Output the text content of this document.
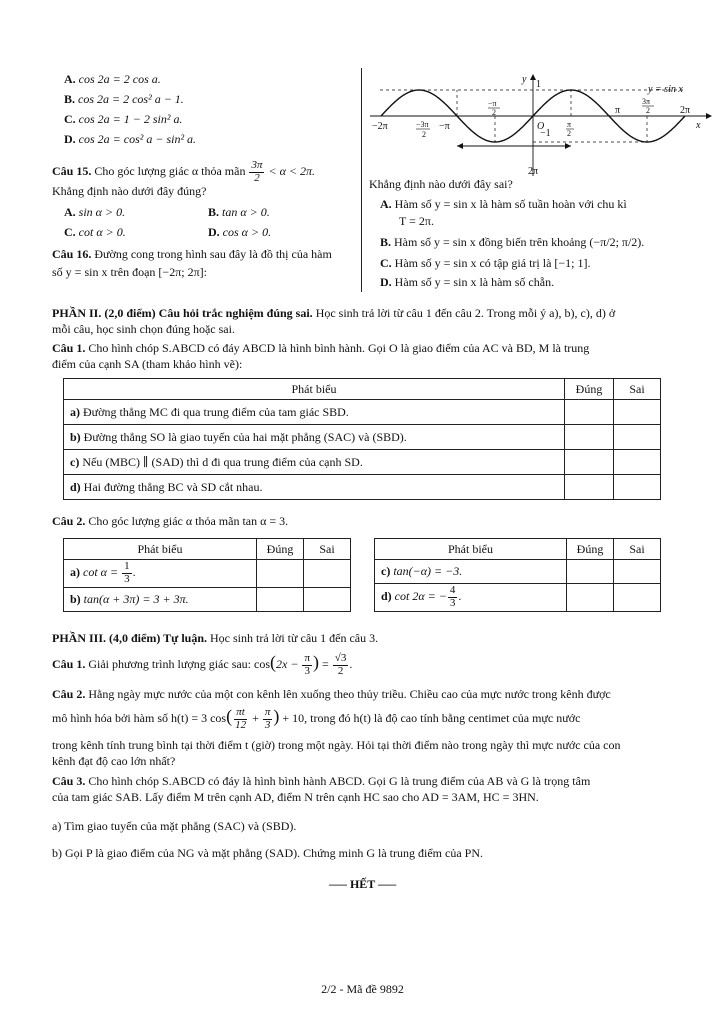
A. cos 2a = 2 cos a.
B. cos 2a = 2 cos² a − 1.
C. cos 2a = 1 − 2 sin² a.
D. cos 2a = cos² a − sin² a.
Câu 15. Cho góc lượng giác α thỏa mãn $\frac{3\pi}{2} < \alpha < 2\pi$.
Khẳng định nào dưới đây đúng?
A. sin α > 0.	B. tan α > 0.
C. cot α > 0.	D. cos α > 0.
Câu 16. Đường cong trong hình sau đây là đồ thị của hàm
số y = sin x trên đoạn [−2π; 2π]:
y 1	y = sin x
x
−2π	−3π
2
−π
−π
2
O
−1
π
2
π
3π
2	2π
2π
Khẳng định nào dưới đây sai?
A. Hàm số y = sin x là hàm số tuần hoàn với chu kì
T = 2π.
B. Hàm số y = sin x đồng biến trên khoảng (−π/2; π/2).
C. Hàm số y = sin x có tập giá trị là [−1; 1].
D. Hàm số y = sin x là hàm số chẵn.
PHẦN II. (2,0 điểm) Câu hỏi trắc nghiệm đúng sai. Học sinh trả lời từ câu 1 đến câu 2. Trong mỗi ý a), b), c), d) ở
mỗi câu, học sinh chọn đúng hoặc sai.
Câu 1. Cho hình chóp S.ABCD có đáy ABCD là hình bình hành. Gọi O là giao điểm của AC và BD, M là trung
điểm của cạnh SA (tham khảo hình vẽ):
Phát biểu	Đúng	Sai
a) Đường thẳng MC đi qua trung điểm của tam giác SBD.		
b) Đường thẳng SO là giao tuyến của hai mặt phẳng (SAC) và (SBD).		
c) Nếu (MBC) ∥ (SAD) thì d đi qua trung điểm của cạnh SD.		
d) Hai đường thẳng BC và SD cắt nhau.		
Câu 2. Cho góc lượng giác α thỏa mãn tan α = 3.
Phát biểu	Đúng	Sai
a) $\cot \alpha = \frac{1}{3}$ .		
b) tan(α + 3π) = 3 + 3π.		
Phát biểu	Đúng	Sai
c) tan(−α) = −3.		
d) cot 2α = − $\frac{4}{3}$ .		
PHẦN III. (4,0 điểm) Tự luận. Học sinh trả lời từ câu 1 đến câu 3.
Câu 1. Giải phương trình lượng giác sau: $\cos(2x - \frac{\pi}{3}$ ) = $\frac{√3}{2}$ .
Câu 2. Hằng ngày mực nước của một con kênh lên xuống theo thủy triều. Chiều cao của mực nước trong kênh được
mô hình hóa bởi hàm số h(t) = 3 $\cos( \frac{\pi t}{12} + \frac{\pi}{3}$ ) + 10, trong đó h(t) là độ cao tính bằng centimet của mực nước
trong kênh tính trung bình tại thời điểm t (giờ) trong một ngày. Hỏi tại thời điểm nào trong ngày thì mực nước của con
kênh đạt độ cao lớn nhất?
Câu 3. Cho hình chóp S.ABCD có đáy là hình bình hành ABCD. Gọi G là trung điểm của AB và G là trọng tâm
của tam giác SAB. Lấy điểm M trên cạnh AD, điểm N trên cạnh HC sao cho AD = 3AM, HC = 3HN.
a) Tìm giao tuyến của mặt phẳng (SAC) và (SBD).
b) Gọi P là giao điểm của NG và mặt phẳng (SAD). Chứng minh G là trung điểm của PN.
—– HẾT —–
2/2 - Mã đề 9892
